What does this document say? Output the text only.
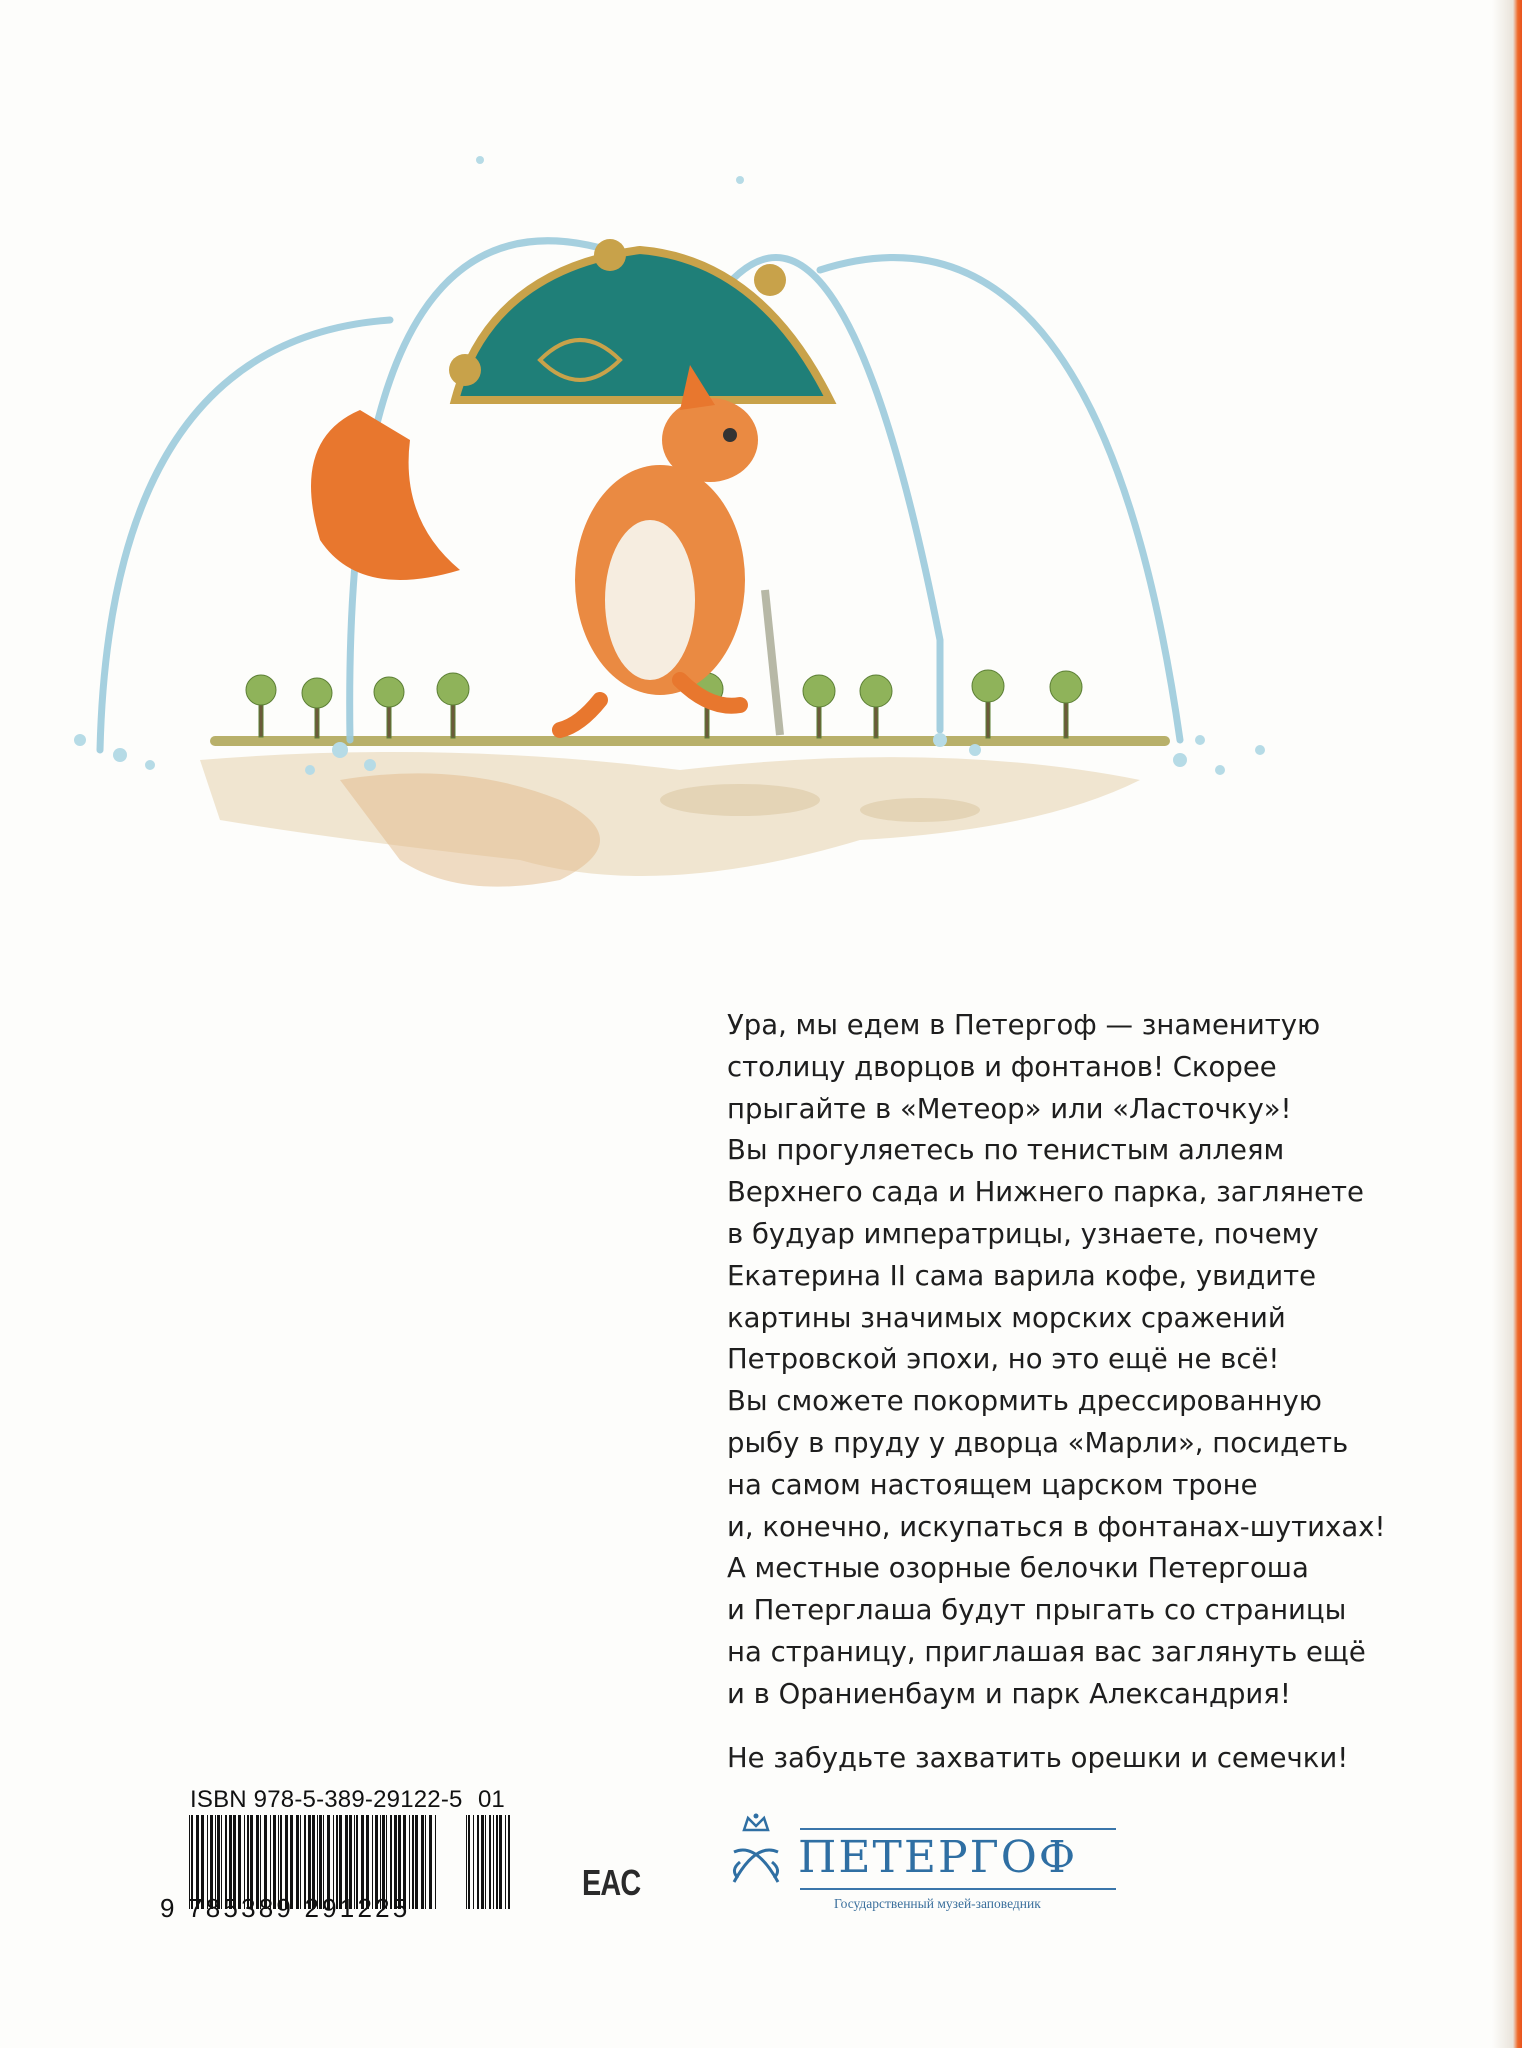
Ура, мы едем в Петергоф — знаменитую
столицу дворцов и фонтанов! Скорее
прыгайте в «Метеор» или «Ласточку»!
Вы прогуляетесь по тенистым аллеям
Верхнего сада и Нижнего парка, заглянете
в будуар императрицы, узнаете, почему
Екатерина II сама варила кофе, увидите
картины значимых морских сражений
Петровской эпохи, но это ещё не всё!
Вы сможете покормить дрессированную
рыбу в пруду у дворца «Марли», посидеть
на самом настоящем царском троне
и, конечно, искупаться в фонтанах-шутихах!
А местные озорные белочки Петергоша
и Петерглаша будут прыгать со страницы
на страницу, приглашая вас заглянуть ещё
и в Ораниенбаум и парк Александрия!

Не забудьте захватить орешки и семечки!

ISBN 978-5-389-29122-5 01
9 785389 291225
EAC	ПЕТЕРГОФ
Государственный музей-заповедник
